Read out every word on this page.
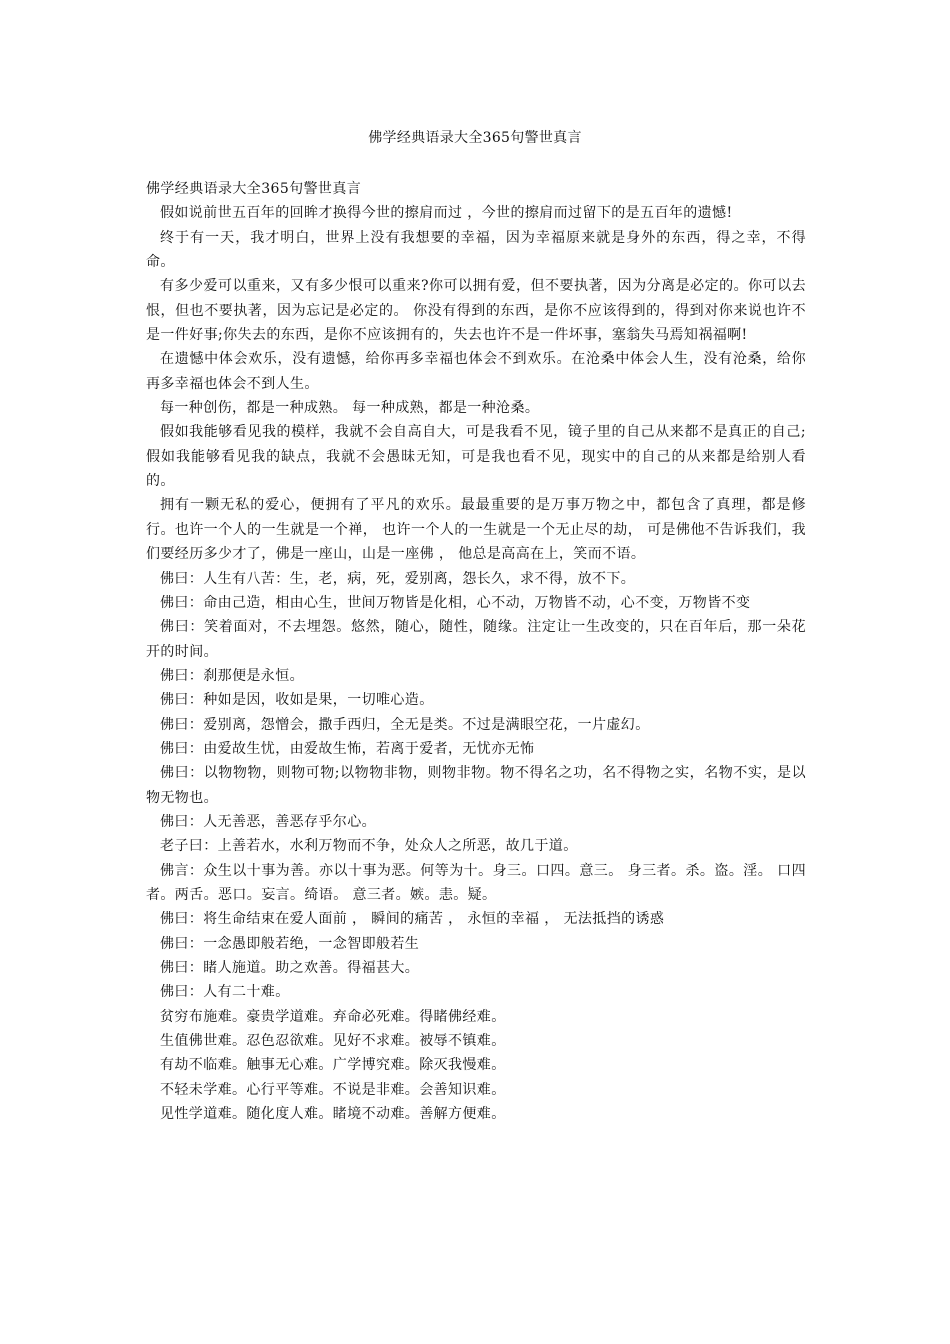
佛学经典语录大全365句警世真言

佛学经典语录大全365句警世真言

假如说前世五百年的回眸才换得今世的擦肩而过 ，今世的擦肩而过留下的是五百年的遗憾!

终于有一天，我才明白，世界上没有我想要的幸福，因为幸福原来就是身外的东西，得之幸，不得命。

有多少爱可以重来，又有多少恨可以重来?你可以拥有爱，但不要执著，因为分离是必定的。你可以去恨，但也不要执著，因为忘记是必定的。 你没有得到的东西，是你不应该得到的，得到对你来说也许不是一件好事;你失去的东西，是你不应该拥有的，失去也许不是一件坏事，塞翁失马焉知祸福啊!

在遗憾中体会欢乐，没有遗憾，给你再多幸福也体会不到欢乐。在沧桑中体会人生，没有沧桑，给你再多幸福也体会不到人生。

每一种创伤，都是一种成熟。 每一种成熟，都是一种沧桑。

假如我能够看见我的模样，我就不会自高自大，可是我看不见，镜子里的自己从来都不是真正的自己; 假如我能够看见我的缺点，我就不会愚昧无知，可是我也看不见，现实中的自己的从来都是给别人看的。

拥有一颗无私的爱心，便拥有了平凡的欢乐。最最重要的是万事万物之中，都包含了真理，都是修行。也许一个人的一生就是一个禅， 也许一个人的一生就是一个无止尽的劫， 可是佛他不告诉我们，我们要经历多少才了，佛是一座山，山是一座佛 ， 他总是高高在上，笑而不语。

佛曰：人生有八苦：生，老，病，死，爱别离，怨长久，求不得，放不下。

佛曰：命由己造，相由心生，世间万物皆是化相，心不动，万物皆不动，心不变，万物皆不变

佛曰：笑着面对，不去埋怨。悠然，随心，随性，随缘。注定让一生改变的，只在百年后，那一朵花开的时间。

佛曰：刹那便是永恒。

佛曰：种如是因，收如是果，一切唯心造。

佛曰：爱别离，怨憎会，撒手西归，全无是类。不过是满眼空花，一片虚幻。

佛曰：由爱故生忧，由爱故生怖，若离于爱者，无忧亦无怖

佛曰：以物物物，则物可物;以物物非物，则物非物。物不得名之功，名不得物之实，名物不实，是以物无物也。

佛曰：人无善恶，善恶存乎尔心。

老子曰：上善若水，水利万物而不争，处众人之所恶，故几于道。

佛言：众生以十事为善。亦以十事为恶。何等为十。身三。口四。意三。 身三者。杀。盗。淫。 口四者。两舌。恶口。妄言。绮语。 意三者。嫉。恚。疑。

佛曰：将生命结束在爱人面前 ， 瞬间的痛苦 ， 永恒的幸福 ， 无法抵挡的诱惑

佛曰：一念愚即般若绝，一念智即般若生

佛曰：睹人施道。助之欢善。得福甚大。

佛曰：人有二十难。

贫穷布施难。豪贵学道难。弃命必死难。得睹佛经难。

生值佛世难。忍色忍欲难。见好不求难。被辱不镇难。

有劫不临难。触事无心难。广学博究难。除灭我慢难。

不轻未学难。心行平等难。不说是非难。会善知识难。

见性学道难。随化度人难。睹境不动难。善解方便难。
